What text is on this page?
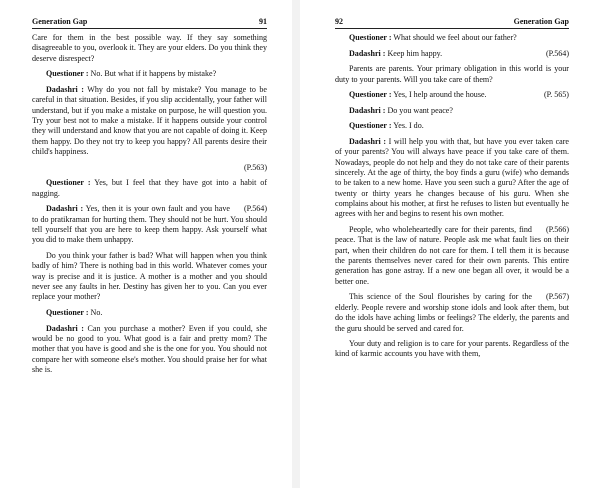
Generation Gap	91

Care for them in the best possible way. If they say something disagreeable to you, overlook it. They are your elders. Do you think they deserve disrespect?

Questioner : No. But what if it happens by mistake?

Dadashri : Why do you not fall by mistake? You manage to be careful in that situation. Besides, if you slip accidentally, your father will understand, but if you make a mistake on purpose, he will question you. Try your best not to make a mistake. If it happens outside your control they will understand and know that you are not capable of doing it. Keep them happy. Do they not try to keep you happy? All parents desire their child's happiness.

(P.563)

Questioner : Yes, but I feel that they have got into a habit of nagging.

(P.564)
Dadashri : Yes, then it is your own fault and you have to do pratikraman for hurting them. They should not be hurt. You should tell yourself that you are here to keep them happy. Ask yourself what you did to make them unhappy.

Do you think your father is bad? What will happen when you think badly of him? There is nothing bad in this world. Whatever comes your way is precise and it is justice. A mother is a mother and you should never see any faults in her. Destiny has given her to you. Can you ever replace your mother?

Questioner : No.

Dadashri : Can you purchase a mother? Even if you could, she would be no good to you. What good is a fair and pretty mom? The mother that you have is good and she is the one for you. You should not compare her with someone else's mother. You should praise her for what she is.

92	Generation Gap

Questioner : What should we feel about our father?

(P.564)
Dadashri : Keep him happy.

Parents are parents. Your primary obligation in this world is your duty to your parents. Will you take care of them?

(P. 565)
Questioner : Yes, I help around the house.

Dadashri : Do you want peace?

Questioner : Yes. I do.

Dadashri : I will help you with that, but have you ever taken care of your parents? You will always have peace if you take care of them. Nowadays, people do not help and they do not take care of their parents sincerely. At the age of thirty, the boy finds a guru (wife) who demands to be taken to a new home. Have you seen such a guru? After the age of twenty or thirty years he changes because of his guru. When she complains about his mother, at first he refuses to listen but eventually he agrees with her and begins to resent his own mother.

(P.566)
People, who wholeheartedly care for their parents, find peace. That is the law of nature. People ask me what fault lies on their part, when their children do not care for them. I tell them it is because the parents themselves never cared for their own parents. This entire generation has gone astray. If a new one began all over, it would be a better one.

(P.567)
This science of the Soul flourishes by caring for the elderly. People revere and worship stone idols and look after them, but do the idols have aching limbs or feelings? The elderly, the parents and the guru should be served and cared for.

Your duty and religion is to care for your parents. Regardless of the kind of karmic accounts you have with them,
